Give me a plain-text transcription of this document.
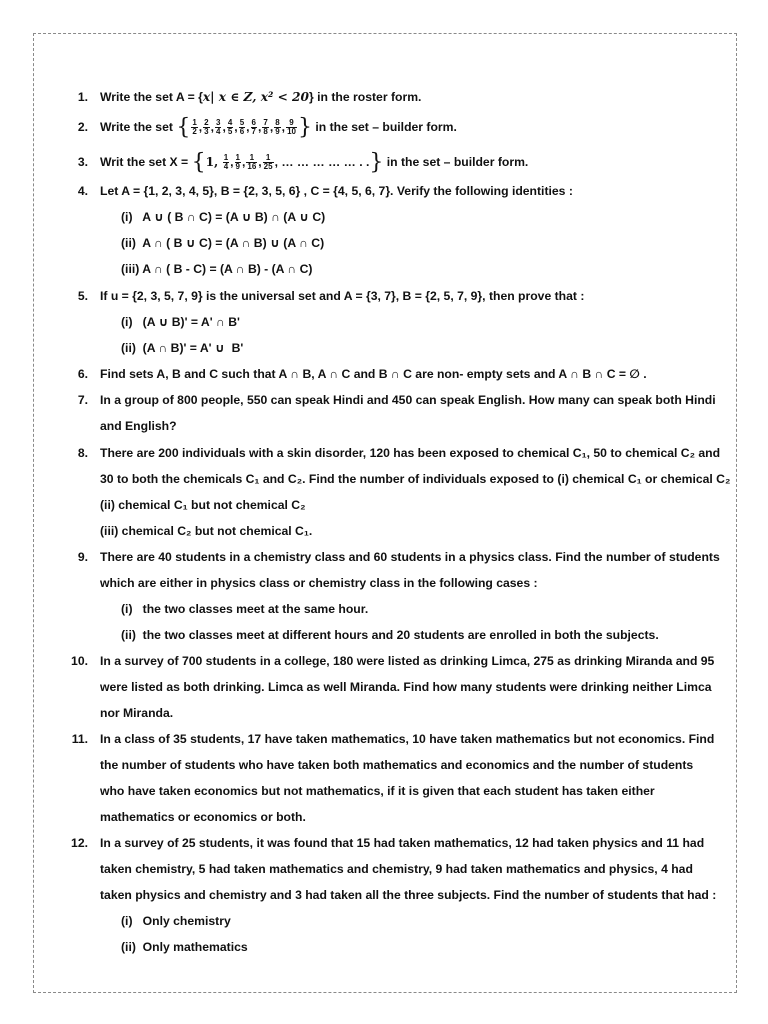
1. Write the set A = {x| x ∈ Z, x² < 20} in the roster form.
2. Write the set { $\frac{1}{2}$ , $\frac{2}{3}$ , $\frac{3}{4}$ , $\frac{4}{5}$ , $\frac{5}{6}$ , $\frac{6}{7}$ , $\frac{7}{8}$ , $\frac{8}{9}$ , $\frac{9}{10}$ } in the set – builder form.
3. Writ the set X = {1, $\frac{1}{4}$ , $\frac{1}{9}$ , $\frac{1}{16}$ , $\frac{1}{25}$ , … … … … … . .} in the set – builder form.
4. Let A = {1, 2, 3, 4, 5}, B = {2, 3, 5, 6} , C = {4, 5, 6, 7}. Verify the following identities :
(i)   A ∪ ( B ∩ C) = (A ∪ B) ∩ (A ∪ C)
(ii)  A ∩ ( B ∪ C) = (A ∩ B) ∪ (A ∩ C)
(iii) A ∩ ( B - C) = (A ∩ B) - (A ∩ C)
5. If u = {2, 3, 5, 7, 9} is the universal set and A = {3, 7}, B = {2, 5, 7, 9}, then prove that :
(i)   (A ∪ B)' = A' ∩ B'
(ii)  (A ∩ B)' = A' ∪  B'
6. Find sets A, B and C such that A ∩ B, A ∩ C and B ∩ C are non- empty sets and A ∩ B ∩ C = ∅ .
7. In a group of 800 people, 550 can speak Hindi and 450 can speak English. How many can speak both Hindi
and English?
8. There are 200 individuals with a skin disorder, 120 has been exposed to chemical C₁, 50 to chemical C₂ and
30 to both the chemicals C₁ and C₂. Find the number of individuals exposed to (i) chemical C₁ or chemical C₂
(ii) chemical C₁ but not chemical C₂
(iii) chemical C₂ but not chemical C₁.
9. There are 40 students in a chemistry class and 60 students in a physics class. Find the number of students
which are either in physics class or chemistry class in the following cases :
(i)   the two classes meet at the same hour.
(ii)  the two classes meet at different hours and 20 students are enrolled in both the subjects.
10. In a survey of 700 students in a college, 180 were listed as drinking Limca, 275 as drinking Miranda and 95
were listed as both drinking. Limca as well Miranda. Find how many students were drinking neither Limca
nor Miranda.
11. In a class of 35 students, 17 have taken mathematics, 10 have taken mathematics but not economics. Find
the number of students who have taken both mathematics and economics and the number of students
who have taken economics but not mathematics, if it is given that each student has taken either
mathematics or economics or both.
12. In a survey of 25 students, it was found that 15 had taken mathematics, 12 had taken physics and 11 had
taken chemistry, 5 had taken mathematics and chemistry, 9 had taken mathematics and physics, 4 had
taken physics and chemistry and 3 had taken all the three subjects. Find the number of students that had :
(i)   Only chemistry
(ii)  Only mathematics
